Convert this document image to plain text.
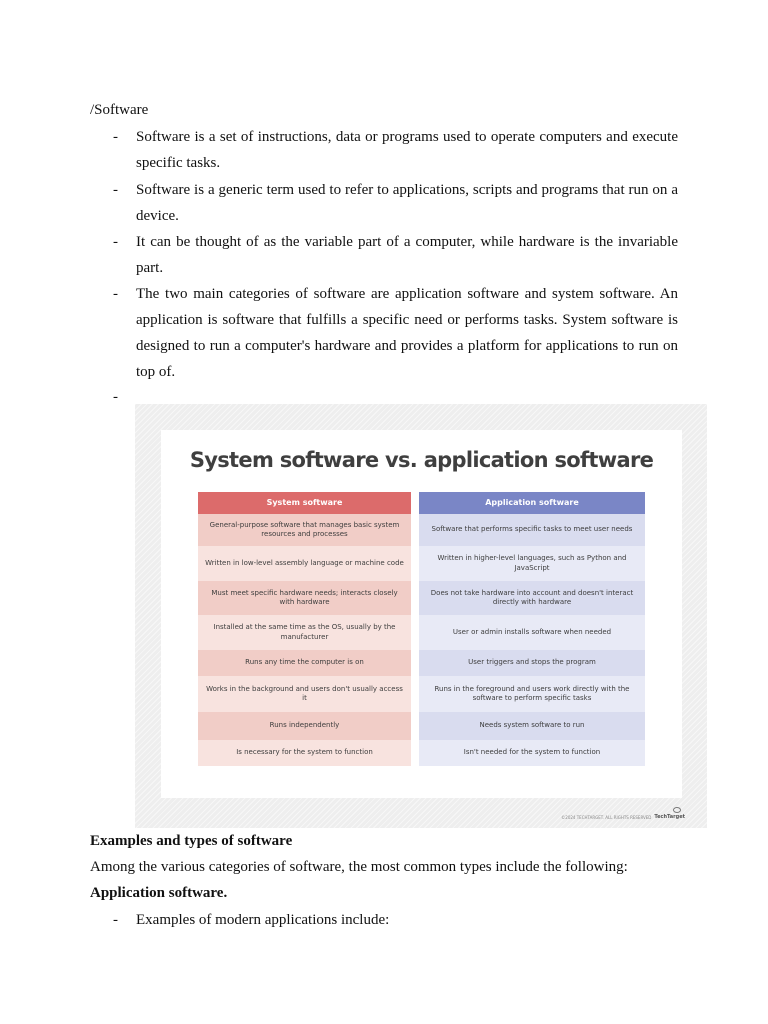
/Software
- Software is a set of instructions, data or programs used to operate computers and execute specific tasks.
- Software is a generic term used to refer to applications, scripts and programs that run on a device.
- It can be thought of as the variable part of a computer, while hardware is the invariable part.
- The two main categories of software are application software and system software. An application is software that fulfills a specific need or performs tasks. System software is designed to run a computer's hardware and provides a platform for applications to run on top of.
-
System software vs. application software
System software
General-purpose software that manages basic system resources and processes
Written in low-level assembly language or machine code
Must meet specific hardware needs; interacts closely with hardware
Installed at the same time as the OS, usually by the manufacturer
Runs any time the computer is on
Works in the background and users don't usually access it
Runs independently
Is necessary for the system to function
Application software
Software that performs specific tasks to meet user needs
Written in higher-level languages, such as Python and JavaScript
Does not take hardware into account and doesn't interact directly with hardware
User or admin installs software when needed
User triggers and stops the program
Runs in the foreground and users work directly with the software to perform specific tasks
Needs system software to run
Isn't needed for the system to function
©2024 TECHTARGET. ALL RIGHTS RESERVED TechTarget
Examples and types of software
Among the various categories of software, the most common types include the following:
Application software.
- Examples of modern applications include:
